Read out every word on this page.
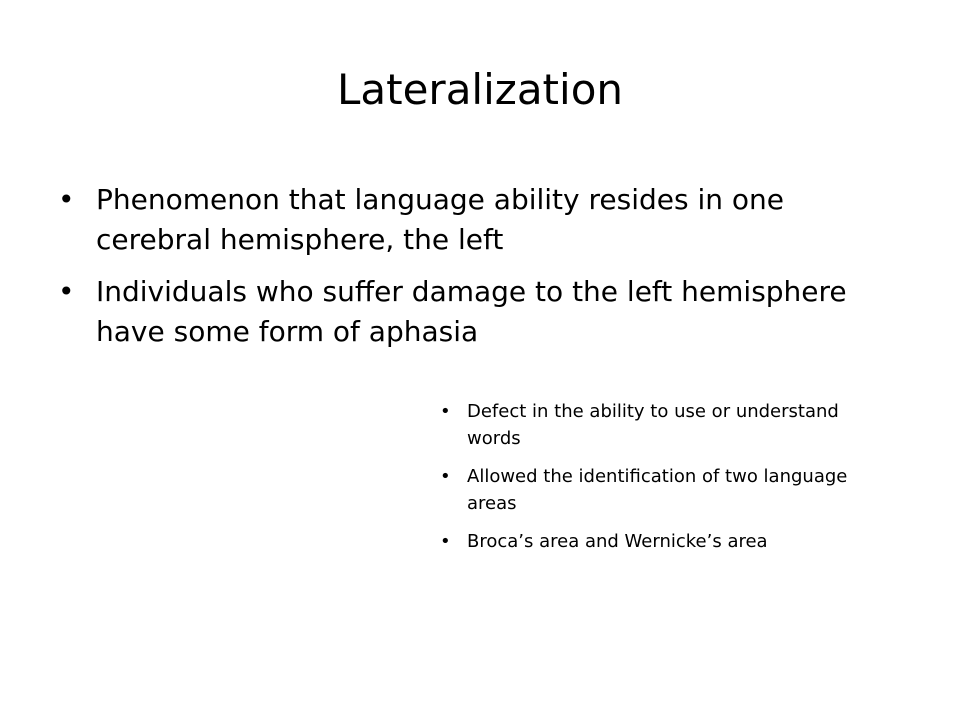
Lateralization
• Phenomenon that language ability resides in one cerebral hemisphere, the left
• Individuals who suffer damage to the left hemisphere have some form of aphasia
• Defect in the ability to use or understand words
• Allowed the identification of two language areas
• Broca’s area and Wernicke’s area
